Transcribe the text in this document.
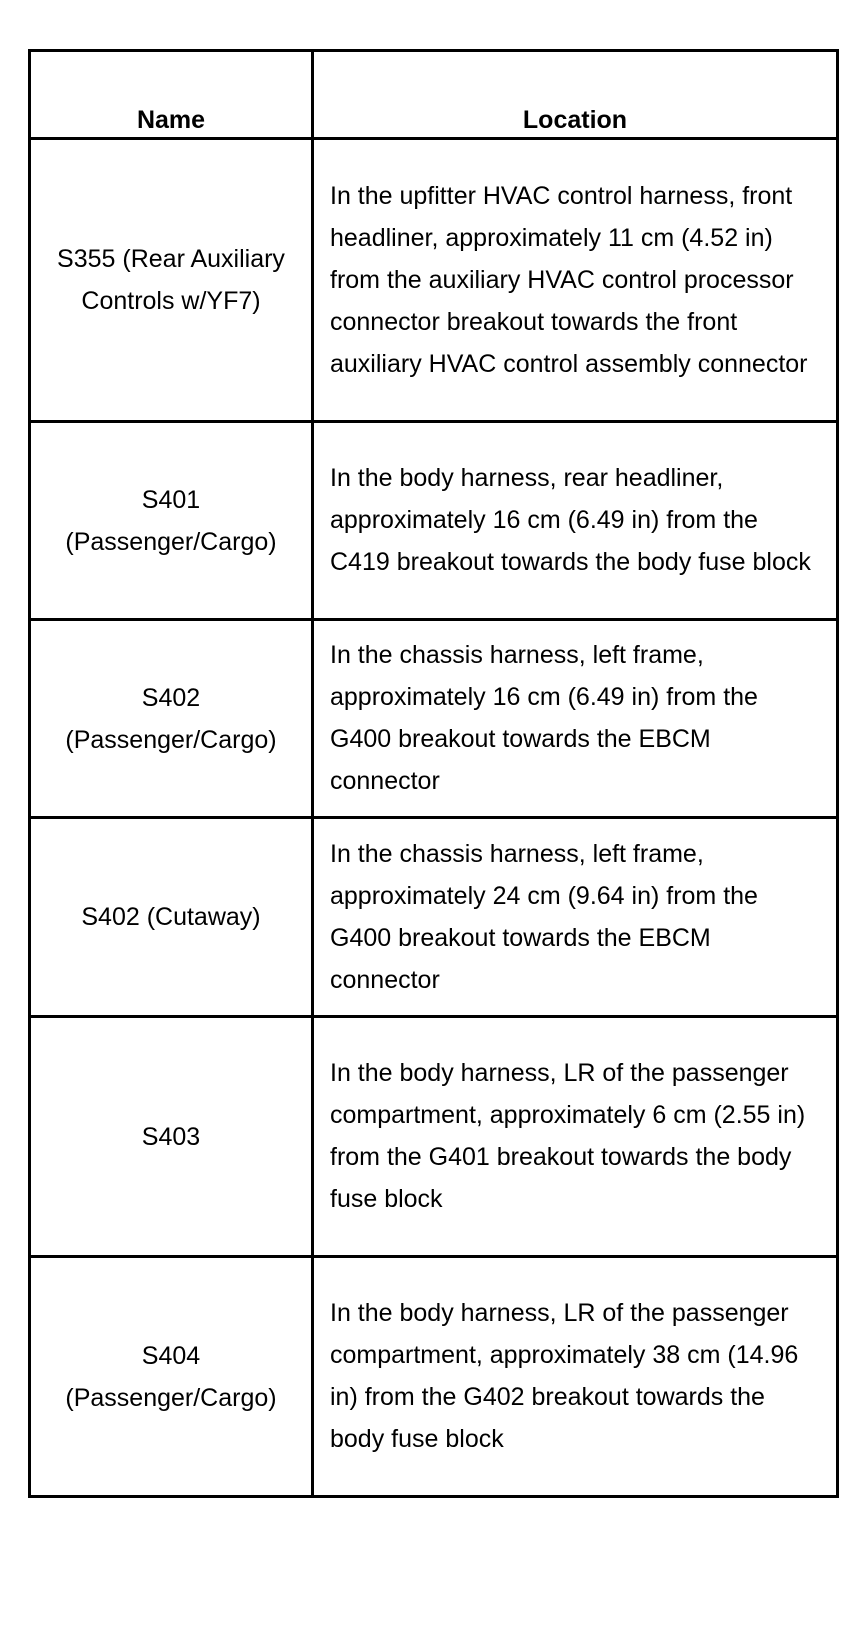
Name	Location
S355 (Rear Auxiliary Controls w/YF7)	In the upfitter HVAC control harness, front headliner, approximately 11 cm (4.52 in) from the auxiliary HVAC control processor connector breakout towards the front auxiliary HVAC control assembly connector
S401 (Passenger/Cargo)	In the body harness, rear headliner, approximately 16 cm (6.49 in) from the C419 breakout towards the body fuse block
S402 (Passenger/Cargo)	In the chassis harness, left frame, approximately 16 cm (6.49 in) from the G400 breakout towards the EBCM connector
S402 (Cutaway)	In the chassis harness, left frame, approximately 24 cm (9.64 in) from the G400 breakout towards the EBCM connector
S403	In the body harness, LR of the passenger compartment, approximately 6 cm (2.55 in) from the G401 breakout towards the body fuse block
S404 (Passenger/Cargo)	In the body harness, LR of the passenger compartment, approximately 38 cm (14.96 in) from the G402 breakout towards the body fuse block
